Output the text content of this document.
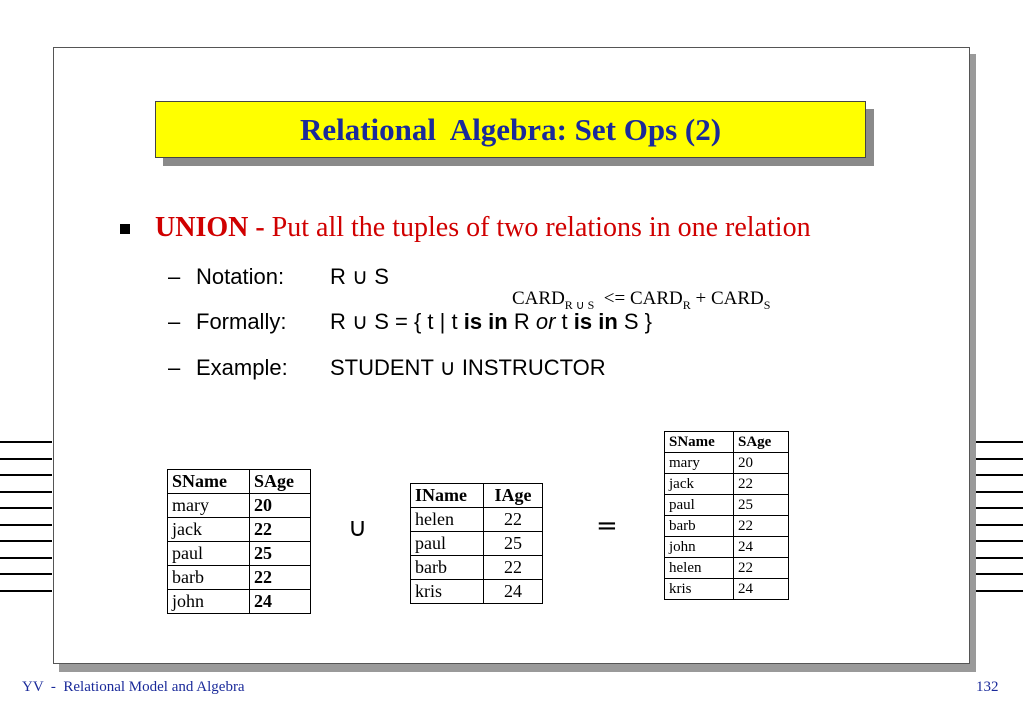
Relational  Algebra: Set Ops (2)
UNION - Put all the tuples of two relations in one relation
– Notation: R ∪ S
$CARD_{R \cup S}$  <= $CARD_R$ + $CARD_S$
– Formally: R ∪ S = { t | t is in R or t is in S }
– Example: STUDENT ∪ INSTRUCTOR
SName	SAge
mary	20
jack	22
paul	25
barb	22
john	24
∪
IName	IAge
helen	22
paul	25
barb	22
kris	24
=
SName	SAge
mary	20
jack	22
paul	25
barb	22
john	24
helen	22
kris	24
YV  -  Relational Model and Algebra	132
